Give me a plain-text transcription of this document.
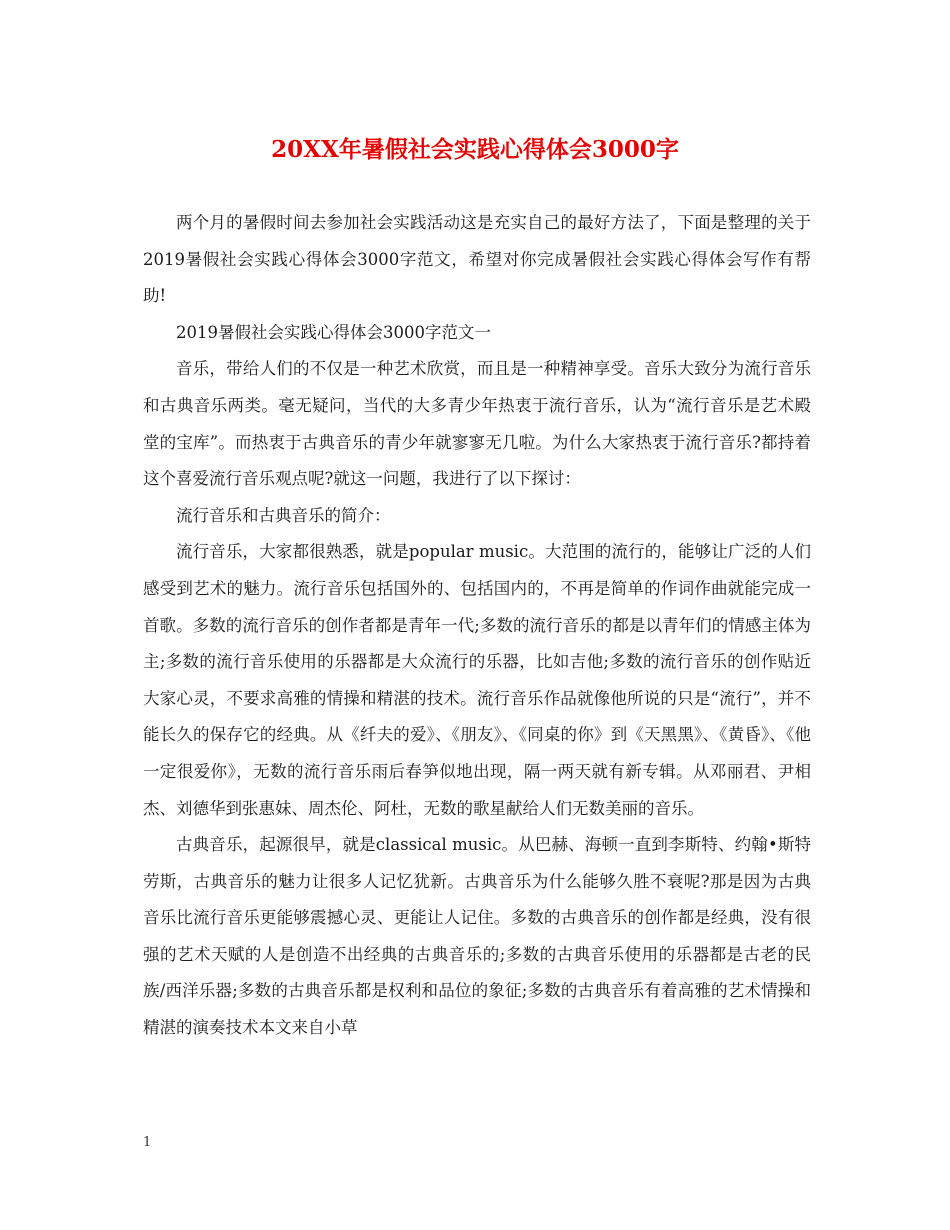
20XX年暑假社会实践心得体会3000字

两个月的暑假时间去参加社会实践活动这是充实自己的最好方法了，下面是整理的关于2019暑假社会实践心得体会3000字范文，希望对你完成暑假社会实践心得体会写作有帮助!

2019暑假社会实践心得体会3000字范文一

音乐，带给人们的不仅是一种艺术欣赏，而且是一种精神享受。音乐大致分为流行音乐和古典音乐两类。毫无疑问，当代的大多青少年热衷于流行音乐，认为“流行音乐是艺术殿堂的宝库”。而热衷于古典音乐的青少年就寥寥无几啦。为什么大家热衷于流行音乐?都持着这个喜爱流行音乐观点呢?就这一问题，我进行了以下探讨：

流行音乐和古典音乐的简介：

流行音乐，大家都很熟悉，就是popular music。大范围的流行的，能够让广泛的人们感受到艺术的魅力。流行音乐包括国外的、包括国内的，不再是简单的作词作曲就能完成一首歌。多数的流行音乐的创作者都是青年一代;多数的流行音乐的都是以青年们的情感主体为主;多数的流行音乐使用的乐器都是大众流行的乐器，比如吉他;多数的流行音乐的创作贴近大家心灵，不要求高雅的情操和精湛的技术。流行音乐作品就像他所说的只是“流行”，并不能长久的保存它的经典。从《纤夫的爱》、《朋友》、《同桌的你》到《天黑黑》、《黄昏》、《他一定很爱你》，无数的流行音乐雨后春笋似地出现，隔一两天就有新专辑。从邓丽君、尹相杰、刘德华到张惠妹、周杰伦、阿杜，无数的歌星献给人们无数美丽的音乐。

古典音乐，起源很早，就是classical music。从巴赫、海顿一直到李斯特、约翰•斯特劳斯，古典音乐的魅力让很多人记忆犹新。古典音乐为什么能够久胜不衰呢?那是因为古典音乐比流行音乐更能够震撼心灵、更能让人记住。多数的古典音乐的创作都是经典，没有很强的艺术天赋的人是创造不出经典的古典音乐的;多数的古典音乐使用的乐器都是古老的民族/西洋乐器;多数的古典音乐都是权利和品位的象征;多数的古典音乐有着高雅的艺术情操和精湛的演奏技术本文来自小草

1
